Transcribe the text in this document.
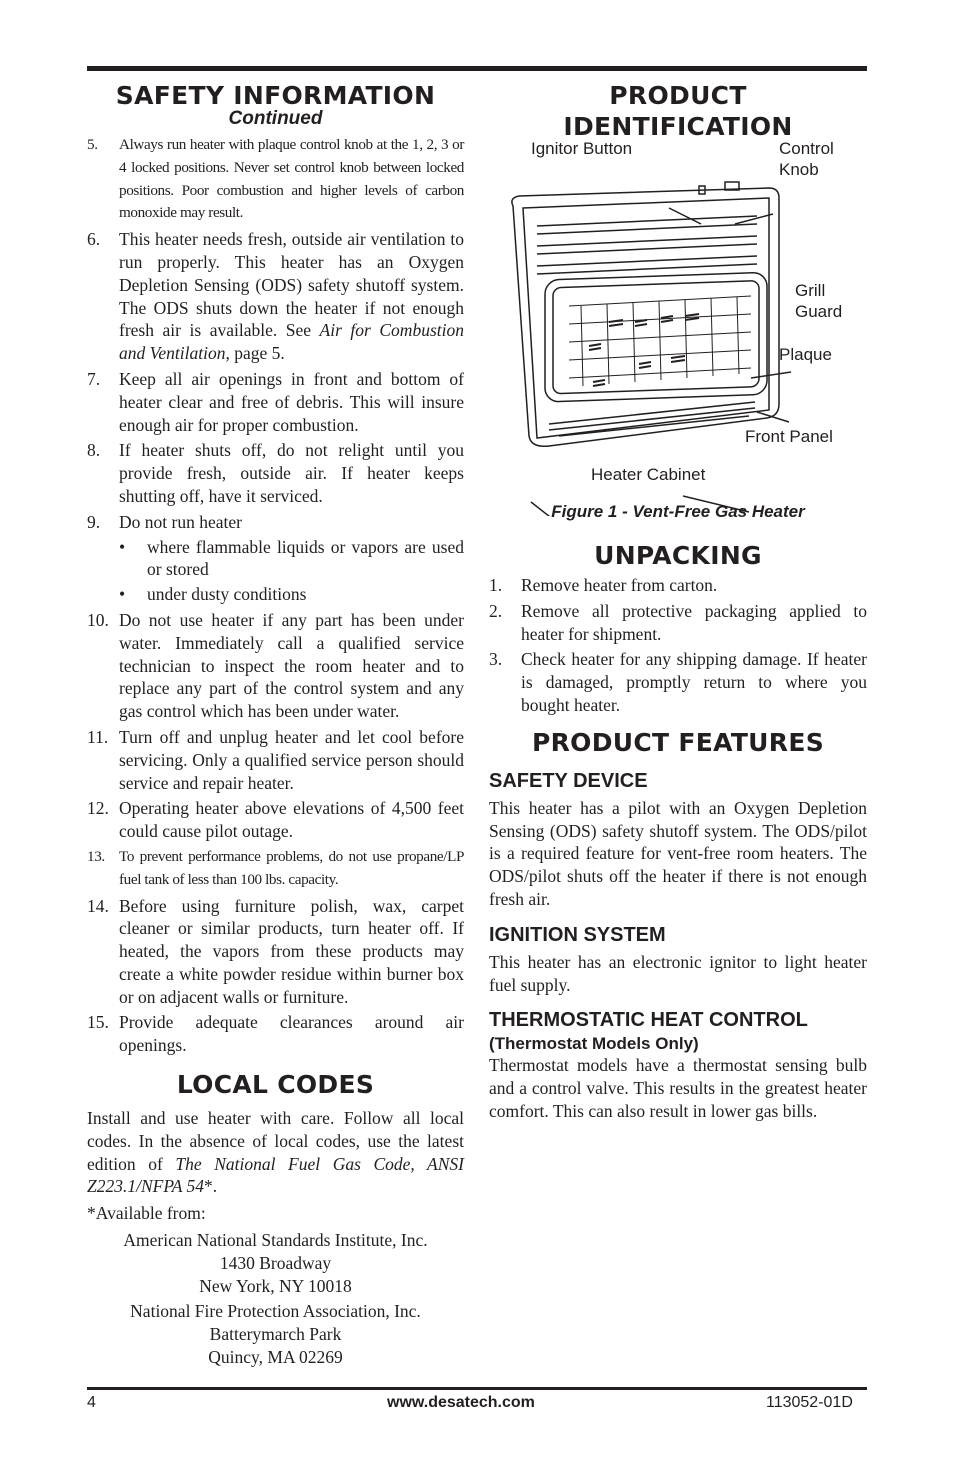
SAFETY INFORMATION
Continued
5. Always run heater with plaque control knob at the 1, 2, 3 or 4 locked positions. Never set control knob between locked positions. Poor combustion and higher levels of carbon monoxide may result.
6. This heater needs fresh, outside air ventilation to run properly. This heater has an Oxygen Depletion Sensing (ODS) safety shutoff system. The ODS shuts down the heater if not enough fresh air is available. See Air for Combustion and Ventilation, page 5.
7. Keep all air openings in front and bottom of heater clear and free of debris. This will insure enough air for proper combustion.
8. If heater shuts off, do not relight until you provide fresh, outside air. If heater keeps shutting off, have it serviced.
9. Do not run heater
• where flammable liquids or vapors are used or stored
• under dusty conditions
10. Do not use heater if any part has been under water. Immediately call a qualified service technician to inspect the room heater and to replace any part of the control system and any gas control which has been under water.
11. Turn off and unplug heater and let cool before servicing. Only a qualified service person should service and repair heater.
12. Operating heater above elevations of 4,500 feet could cause pilot outage.
13. To prevent performance problems, do not use propane/LP fuel tank of less than 100 lbs. capacity.
14. Before using furniture polish, wax, carpet cleaner or similar products, turn heater off. If heated, the vapors from these products may create a white powder residue within burner box or on adjacent walls or furniture.
15. Provide adequate clearances around air openings.
LOCAL CODES

Install and use heater with care. Follow all local codes. In the absence of local codes, use the latest edition of The National Fuel Gas Code, ANSI Z223.1/NFPA 54*.

*Available from:

American National Standards Institute, Inc.
1430 Broadway
New York, NY 10018
National Fire Protection Association, Inc.
Batterymarch Park
Quincy, MA 02269
PRODUCT
IDENTIFICATION
Ignitor Button	Control
Knob
Grill
Guard
Plaque
Front Panel
Heater Cabinet
Figure 1 - Vent-Free Gas Heater
UNPACKING
1. Remove heater from carton.
2. Remove all protective packaging applied to heater for shipment.
3. Check heater for any shipping damage. If heater is damaged, promptly return to where you bought heater.
PRODUCT FEATURES
SAFETY DEVICE

This heater has a pilot with an Oxygen Depletion Sensing (ODS) safety shutoff system. The ODS/pilot is a required feature for vent-free room heaters. The ODS/pilot shuts off the heater if there is not enough fresh air.

IGNITION SYSTEM

This heater has an electronic ignitor to light heater fuel supply.

THERMOSTATIC HEAT CONTROL
(Thermostat Models Only)

Thermostat models have a thermostat sensing bulb and a control valve. This results in the greatest heater comfort. This can also result in lower gas bills.

4	www.desatech.com	113052-01D
